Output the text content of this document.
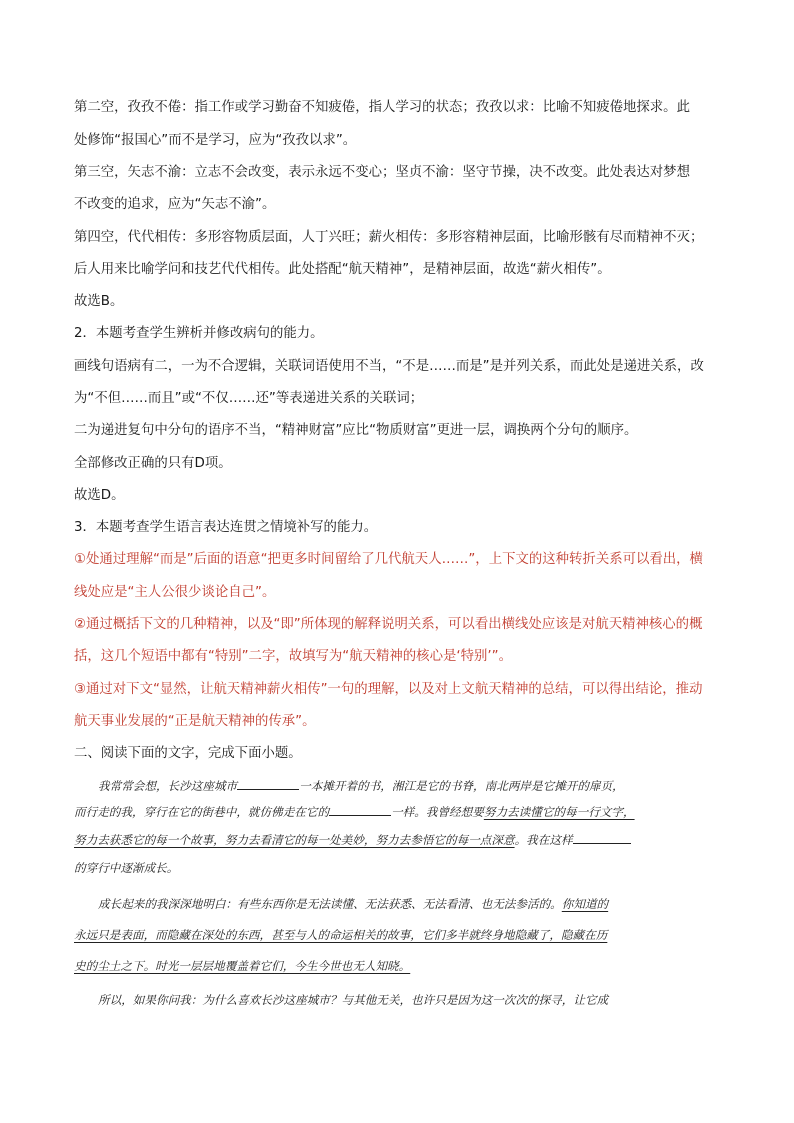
第二空，孜孜不倦：指工作或学习勤奋不知疲倦，指人学习的状态；孜孜以求：比喻不知疲倦地探求。此
处修饰“报国心”而不是学习，应为“孜孜以求”。
第三空，矢志不渝：立志不会改变，表示永远不变心；坚贞不渝：坚守节操，决不改变。此处表达对梦想
不改变的追求，应为“矢志不渝”。
第四空，代代相传：多形容物质层面，人丁兴旺；薪火相传：多形容精神层面，比喻形骸有尽而精神不灭；
后人用来比喻学问和技艺代代相传。此处搭配“航天精神”，是精神层面，故选“薪火相传”。
故选B。
2．本题考查学生辨析并修改病句的能力。
画线句语病有二，一为不合逻辑，关联词语使用不当，“不是……而是”是并列关系，而此处是递进关系，改
为“不但……而且”或“不仅……还”等表递进关系的关联词；
二为递进复句中分句的语序不当，“精神财富”应比“物质财富”更进一层，调换两个分句的顺序。
全部修改正确的只有D项。
故选D。
3．本题考查学生语言表达连贯之情境补写的能力。
①处通过理解“而是”后面的语意“把更多时间留给了几代航天人……”，上下文的这种转折关系可以看出，横
线处应是“主人公很少谈论自己”。
②通过概括下文的几种精神，以及“即”所体现的解释说明关系，可以看出横线处应该是对航天精神核心的概
括，这几个短语中都有“特别”二字，故填写为“航天精神的核心是‘特别’”。
③通过对下文“显然，让航天精神薪火相传”一句的理解，以及对上文航天精神的总结，可以得出结论，推动
航天事业发展的“正是航天精神的传承”。
二、阅读下面的文字，完成下面小题。
我常常会想，长沙这座城市	一本摊开着的书，湘江是它的书脊，南北两岸是它摊开的扉页，
而行走的我，穿行在它的街巷中，就仿佛走在它的	一样。我曾经想要努力去读懂它的每一行文字，
努力去获悉它的每一个故事，努力去看清它的每一处美妙，努力去参悟它的每一点深意。我在这样
的穿行中逐渐成长。
成长起来的我深深地明白：有些东西你是无法读懂、无法获悉、无法看清、也无法参活的。你知道的
永远只是表面，而隐藏在深处的东西，甚至与人的命运相关的故事，它们多半就终身地隐藏了，隐藏在历
史的尘土之下。时光一层层地覆盖着它们，今生今世也无人知晓。
所以，如果你问我：为什么喜欢长沙这座城市？与其他无关，也许只是因为这一次次的探寻，让它成
